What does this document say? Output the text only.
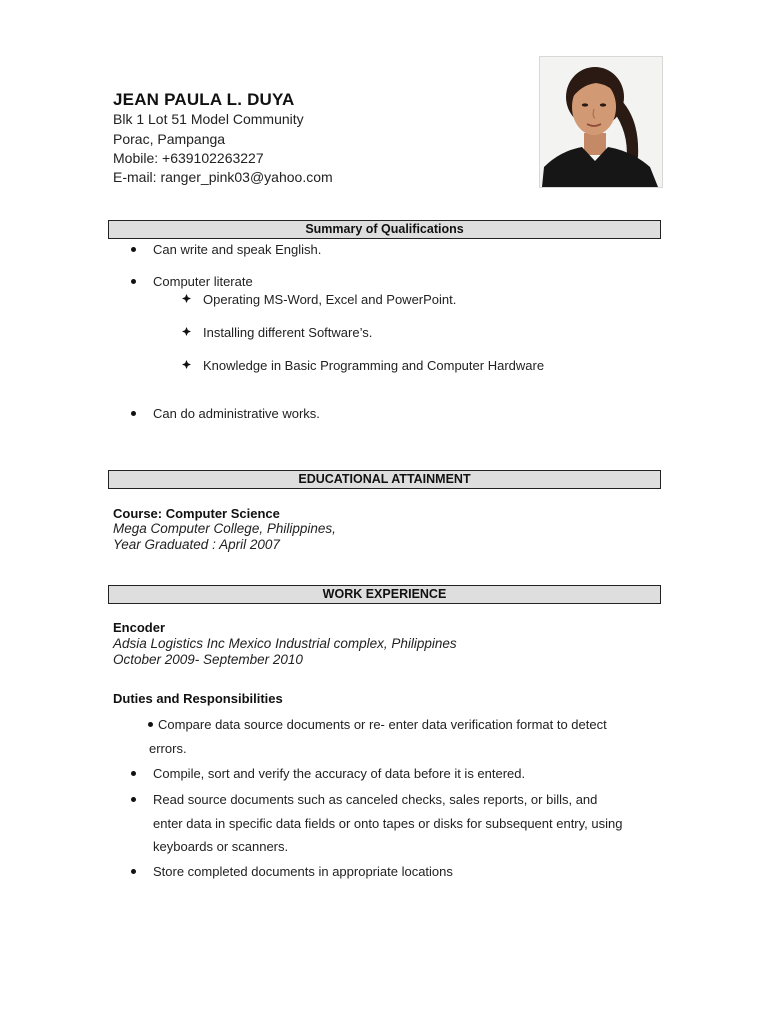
JEAN PAULA L. DUYA
Blk 1 Lot 51 Model Community
Porac, Pampanga
Mobile: +639102263227
E-mail: ranger_pink03@yahoo.com
Summary of Qualifications
Can write and speak English.
Computer literate
Operating MS-Word, Excel and PowerPoint.
Installing different Software’s.
Knowledge in Basic Programming and Computer Hardware
Can do administrative works.
EDUCATIONAL ATTAINMENT
Course: Computer Science
Mega Computer College, Philippines,
Year Graduated : April 2007
WORK EXPERIENCE
Encoder
Adsia Logistics Inc Mexico Industrial complex, Philippines
October 2009- September 2010
Duties and Responsibilities
Compare data source documents or re- enter data verification format to detect
errors.
Compile, sort and verify the accuracy of data before it is entered.
Read source documents such as canceled checks, sales reports, or bills, and
enter data in specific data fields or onto tapes or disks for subsequent entry, using
keyboards or scanners.
Store completed documents in appropriate locations
